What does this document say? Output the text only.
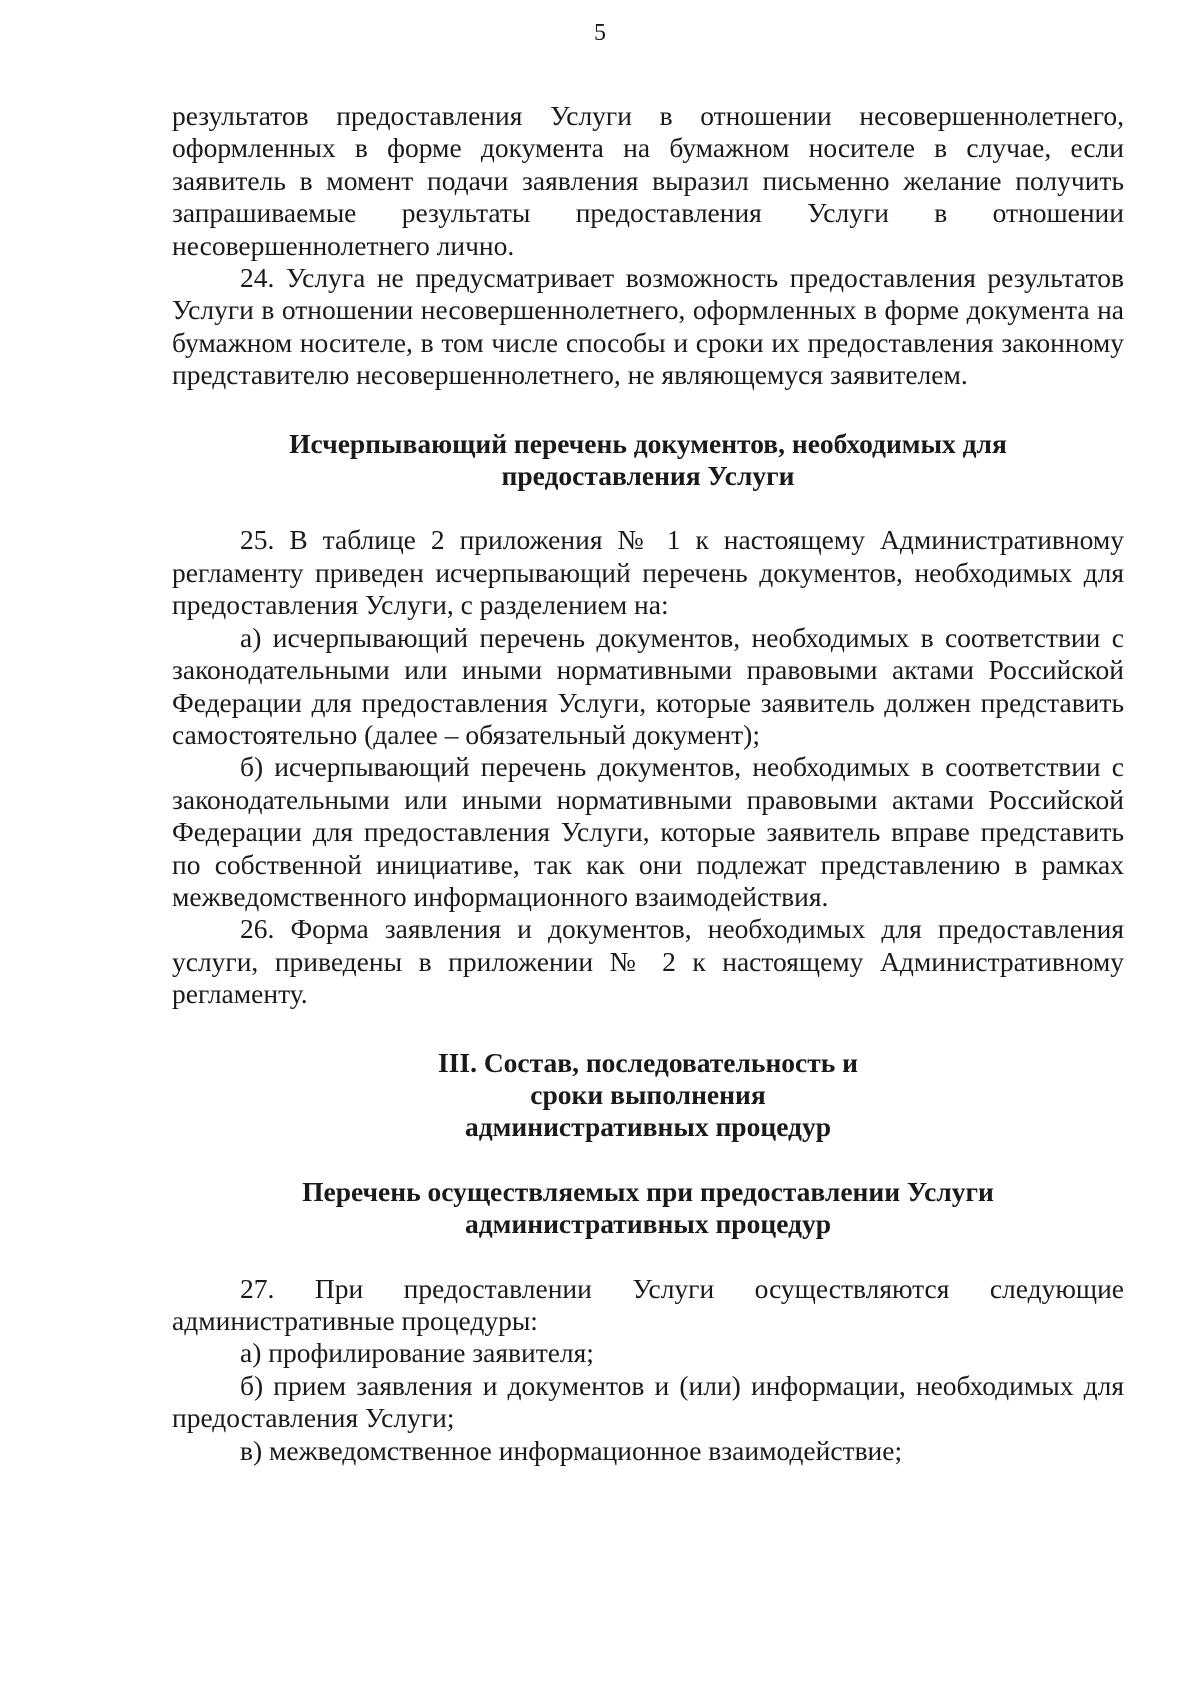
5

результатов предоставления Услуги в отношении несовершеннолетнего, оформленных в форме документа на бумажном носителе в случае, если заявитель в момент подачи заявления выразил письменно желание получить запрашиваемые результаты предоставления Услуги в отношении несовершеннолетнего лично.

24. Услуга не предусматривает возможность предоставления результатов Услуги в отношении несовершеннолетнего, оформленных в форме документа на бумажном носителе, в том числе способы и сроки их предоставления законному представителю несовершеннолетнего, не являющемуся заявителем.

Исчерпывающий перечень документов, необходимых для
предоставления Услуги

25. В таблице 2 приложения № 1 к настоящему Административному регламенту приведен исчерпывающий перечень документов, необходимых для предоставления Услуги, с разделением на:

а) исчерпывающий перечень документов, необходимых в соответствии с законодательными или иными нормативными правовыми актами Российской Федерации для предоставления Услуги, которые заявитель должен представить самостоятельно (далее – обязательный документ);

б) исчерпывающий перечень документов, необходимых в соответствии с законодательными или иными нормативными правовыми актами Российской Федерации для предоставления Услуги, которые заявитель вправе представить по собственной инициативе, так как они подлежат представлению в рамках межведомственного информационного взаимодействия.

26. Форма заявления и документов, необходимых для предоставления услуги, приведены в приложении № 2 к настоящему Административному регламенту.

III. Состав, последовательность и сроки выполнения
административных процедур
Перечень осуществляемых при предоставлении Услуги
административных процедур

27. При предоставлении Услуги осуществляются следующие административные процедуры:

а) профилирование заявителя;

б) прием заявления и документов и (или) информации, необходимых для предоставления Услуги;

в) межведомственное информационное взаимодействие;
